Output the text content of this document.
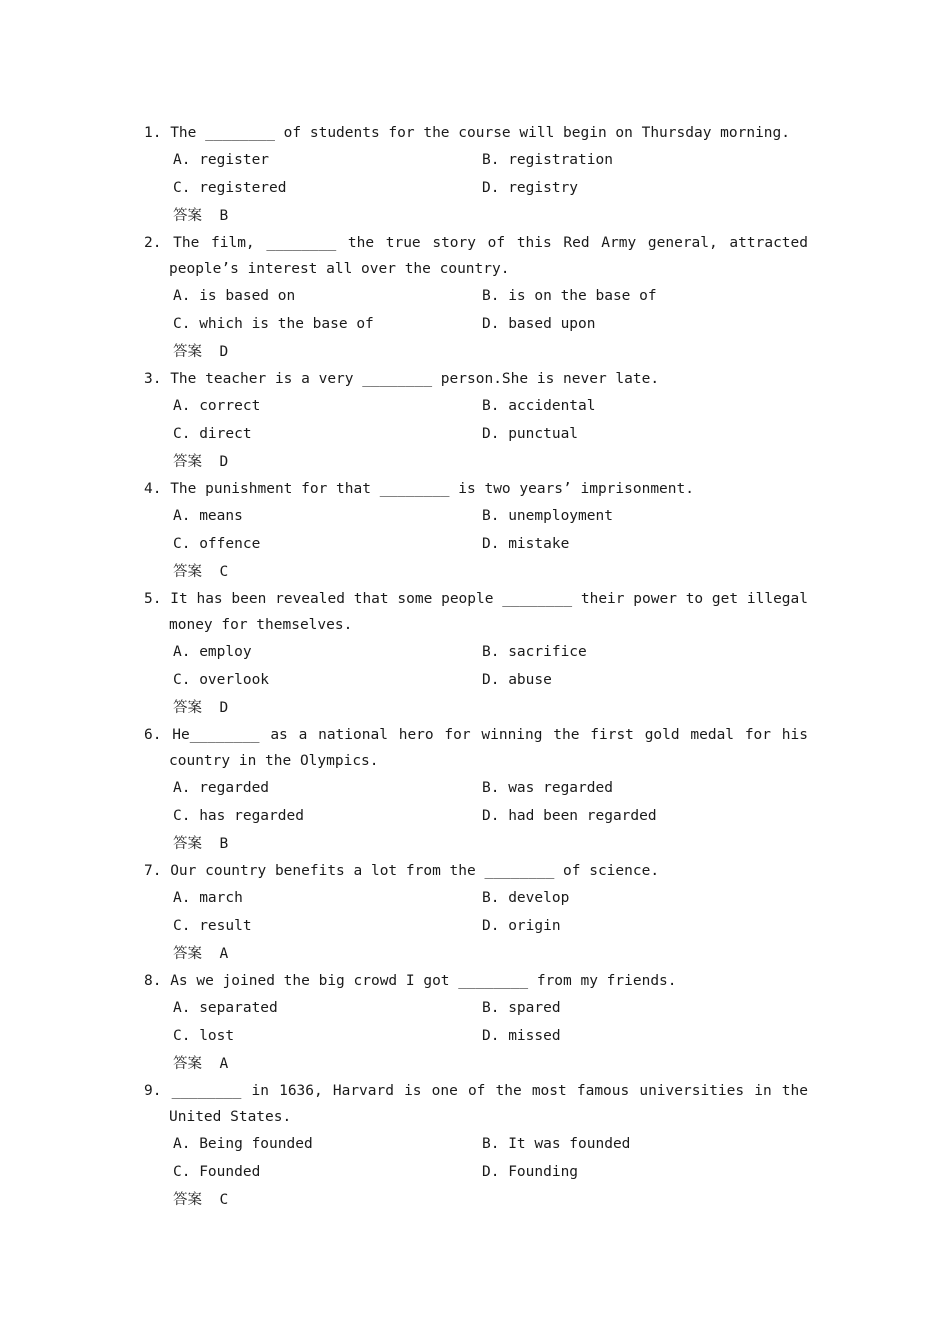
1. The ________ of students for the course will begin on Thursday morning.
A. register	B. registration
C. registered	D. registry
答案 B
2. The film, ________ the true story of this Red Army general, attracted
people’s interest all over the country.
A. is based on	B. is on the base of
C. which is the base of	D. based upon
答案 D
3. The teacher is a very ________ person.She is never late.
A. correct	B. accidental
C. direct	D. punctual
答案 D
4. The punishment for that ________ is two years’ imprisonment.
A. means	B. unemployment
C. offence	D. mistake
答案 C
5. It has been revealed that some people ________ their power to get illegal
money for themselves.
A. employ	B. sacrifice
C. overlook	D. abuse
答案 D
6. He________ as a national hero for winning the first gold medal for his
country in the Olympics.
A. regarded	B. was regarded
C. has regarded	D. had been regarded
答案 B
7. Our country benefits a lot from the ________ of science.
A. march	B. develop
C. result	D. origin
答案 A
8. As we joined the big crowd I got ________ from my friends.
A. separated	B. spared
C. lost	D. missed
答案 A
9. ________ in 1636, Harvard is one of the most famous universities in the
United States.
A. Being founded	B. It was founded
C. Founded	D. Founding
答案 C
